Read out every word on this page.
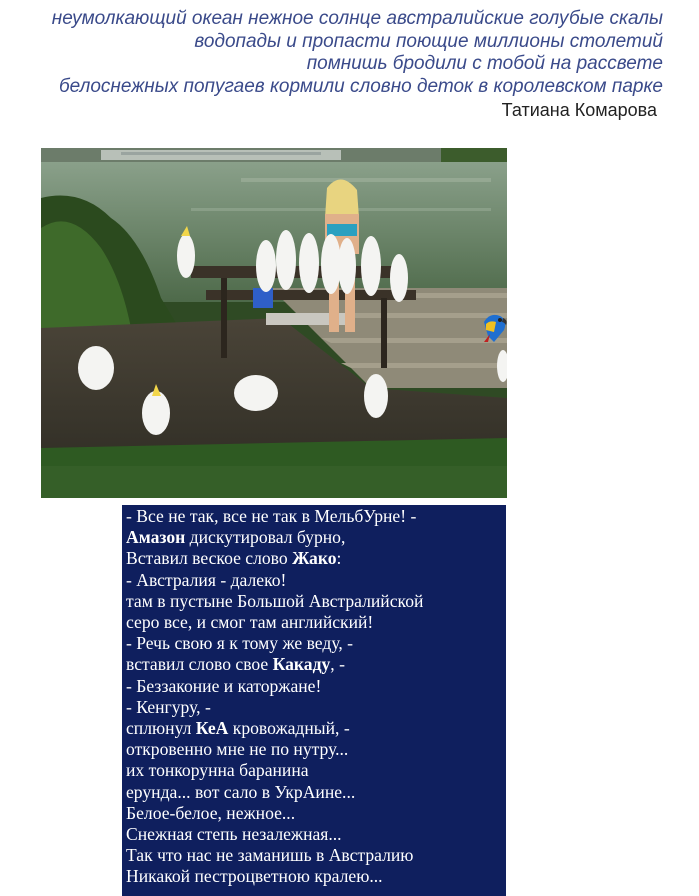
неумолкающий океан нежное солнце австралийские голубые скалы
водопады и пропасти поющие миллионы столетий
помнишь бродили с тобой на рассвете
белоснежных попугаев кормили словно деток в королевском парке
Татиана Комарова
- Все не так, все не так в МельбУрне! -
Амазон дискутировал бурно,
Вставил веское слово Жако:
- Австралия - далеко!
там в пустыне Большой Австралийской
серо все, и смог там английский!
- Речь свою я к тому же веду, -
вставил слово свое Какаду, -
- Беззаконие и каторжане!
- Кенгуру, -
сплюнул КеА кровожадный, -
откровенно мне не по нутру...
их тонкорунна баранина
ерунда... вот сало в УкрАине...
Белое-белое, нежное...
Снежная степь незалежная...
Так что нас не заманишь в Австралию
Никакой пестроцветною кралею...
